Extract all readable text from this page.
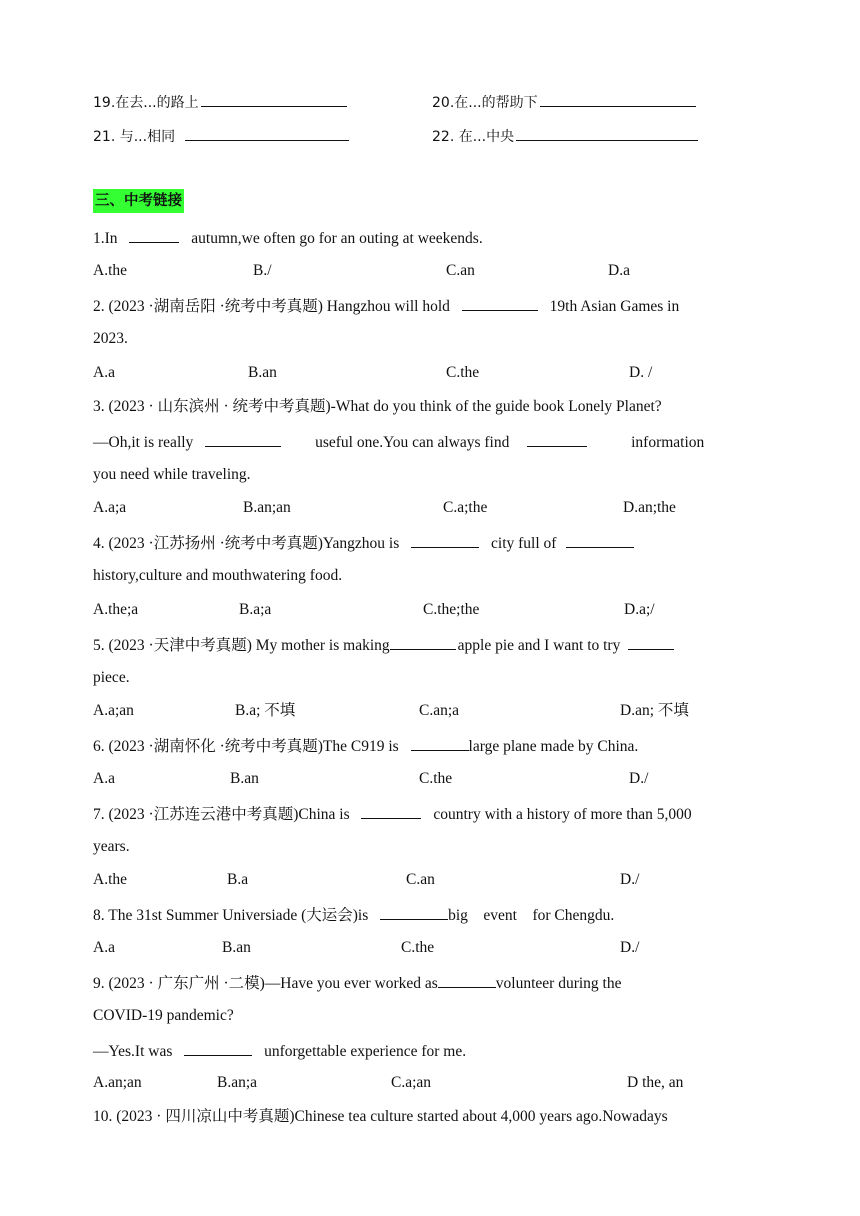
19.在去...的路上	20.在...的帮助下
21. 与...相同	22. 在...中央
三、中考链接
1.In	autumn,we often go for an outing at weekends.
A.the	B./	C.an	D.a
2. (2023 ·湖南岳阳 ·统考中考真题) Hangzhou will hold	19th Asian Games in
2023.
A.a	B.an	C.the	D. /
3. (2023 · 山东滨州 · 统考中考真题)-What do you think of the guide book Lonely Planet?
—Oh,it is really	useful one.You can always find	information
you need while traveling.
A.a;a	B.an;an	C.a;the	D.an;the
4. (2023 ·江苏扬州 ·统考中考真题)Yangzhou is	city full of
history,culture and mouthwatering food.
A.the;a	B.a;a	C.the;the	D.a;/
5. (2023 ·天津中考真题) My mother is making	apple pie and I want to try
piece.
A.a;an	B.a; 不填	C.an;a	D.an; 不填
6. (2023 ·湖南怀化 ·统考中考真题)The C919 is	large plane made by China.
A.a	B.an	C.the	D./
7. (2023 ·江苏连云港中考真题)China is	country with a history of more than 5,000
years.
A.the	B.a	C.an	D./
8. The 31st Summer Universiade (大运会)is	big    event    for Chengdu.
A.a	B.an	C.the	D./
9. (2023 · 广东广州 ·二模)—Have you ever worked as	volunteer during the
COVID-19 pandemic?
—Yes.It was	unforgettable experience for me.
A.an;an	B.an;a	C.a;an	D the, an
10. (2023 · 四川凉山中考真题)Chinese tea culture started about 4,000 years ago.Nowadays
